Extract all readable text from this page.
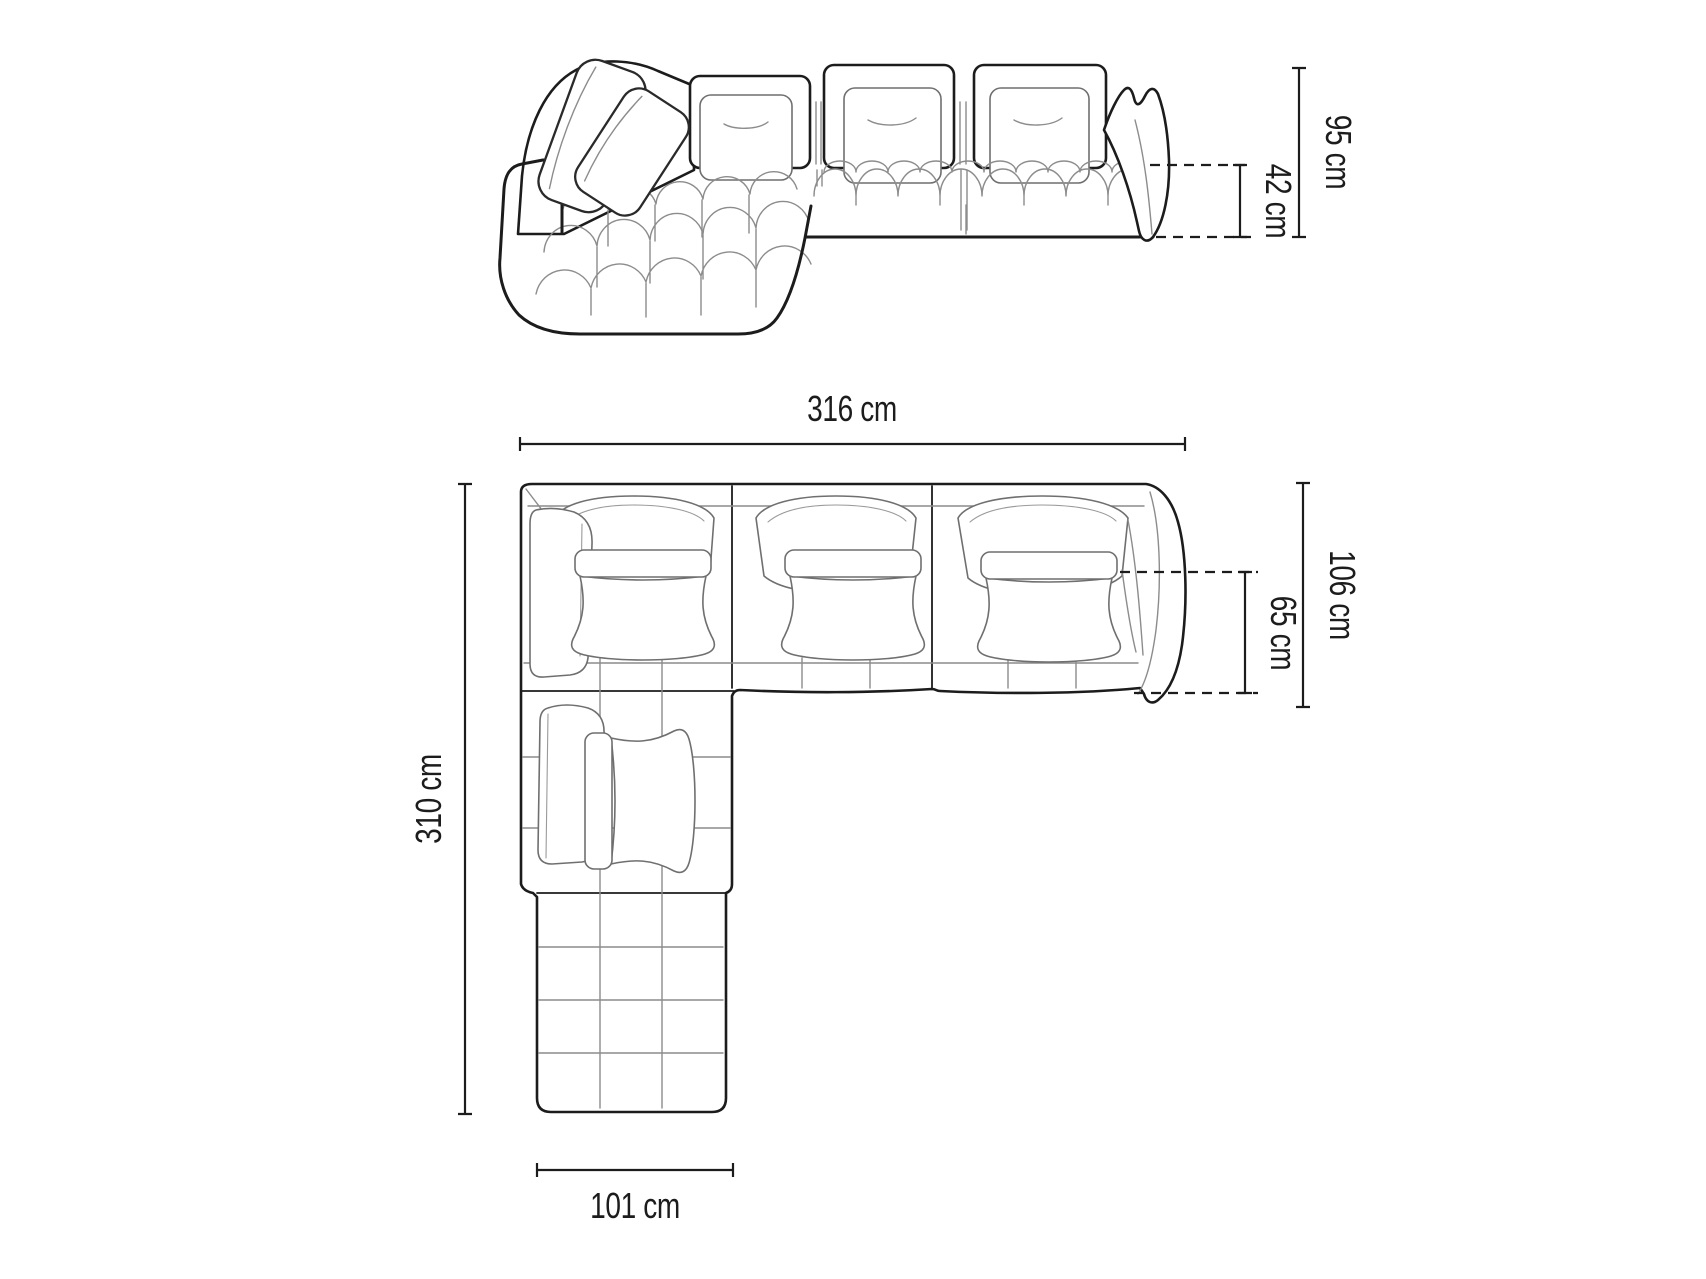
95 cm
42 cm
316 cm
310 cm
101 cm
106 cm
65 cm
